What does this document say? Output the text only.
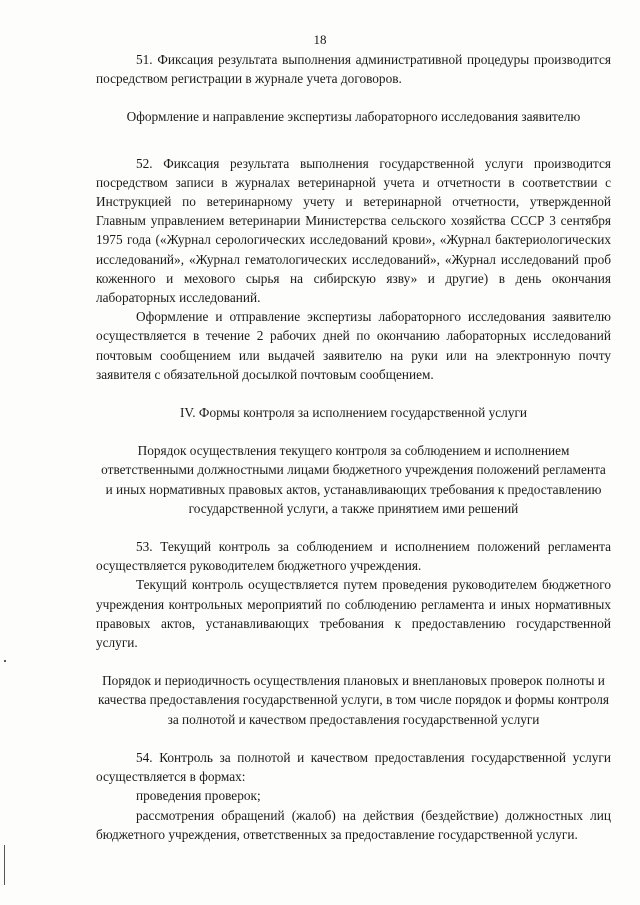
18

51. Фиксация результата выполнения административной процедуры производится посредством регистрации в журнале учета договоров.

Оформление и направление экспертизы лабораторного исследования заявителю

52. Фиксация результата выполнения государственной услуги производится посредством записи в журналах ветеринарной учета и отчетности в соответствии с Инструкцией по ветеринарному учету и ветеринарной отчетности, утвержденной Главным управлением ветеринарии Министерства сельского хозяйства СССР 3 сентября 1975 года («Журнал серологических исследований крови», «Журнал бактериологических исследований», «Журнал гематологических исследований», «Журнал исследований проб коженного и мехового сырья на сибирскую язву» и другие) в день окончания лабораторных исследований.

Оформление и отправление экспертизы лабораторного исследования заявителю осуществляется в течение 2 рабочих дней по окончанию лабораторных исследований почтовым сообщением или выдачей заявителю на руки или на электронную почту заявителя с обязательной досылкой почтовым сообщением.

IV. Формы контроля за исполнением государственной услуги

Порядок осуществления текущего контроля за соблюдением и исполнением ответственными должностными лицами бюджетного учреждения положений регламента и иных нормативных правовых актов, устанавливающих требования к предоставлению государственной услуги, а также принятием ими решений

53. Текущий контроль за соблюдением и исполнением положений регламента осуществляется руководителем бюджетного учреждения.

Текущий контроль осуществляется путем проведения руководителем бюджетного учреждения контрольных мероприятий по соблюдению регламента и иных нормативных правовых актов, устанавливающих требования к предоставлению государственной услуги.

Порядок и периодичность осуществления плановых и внеплановых проверок полноты и качества предоставления государственной услуги, в том числе порядок и формы контроля за полнотой и качеством предоставления государственной услуги

54. Контроль за полнотой и качеством предоставления государственной услуги осуществляется в формах:

проведения проверок;

рассмотрения обращений (жалоб) на действия (бездействие) должностных лиц бюджетного учреждения, ответственных за предоставление государственной услуги.
